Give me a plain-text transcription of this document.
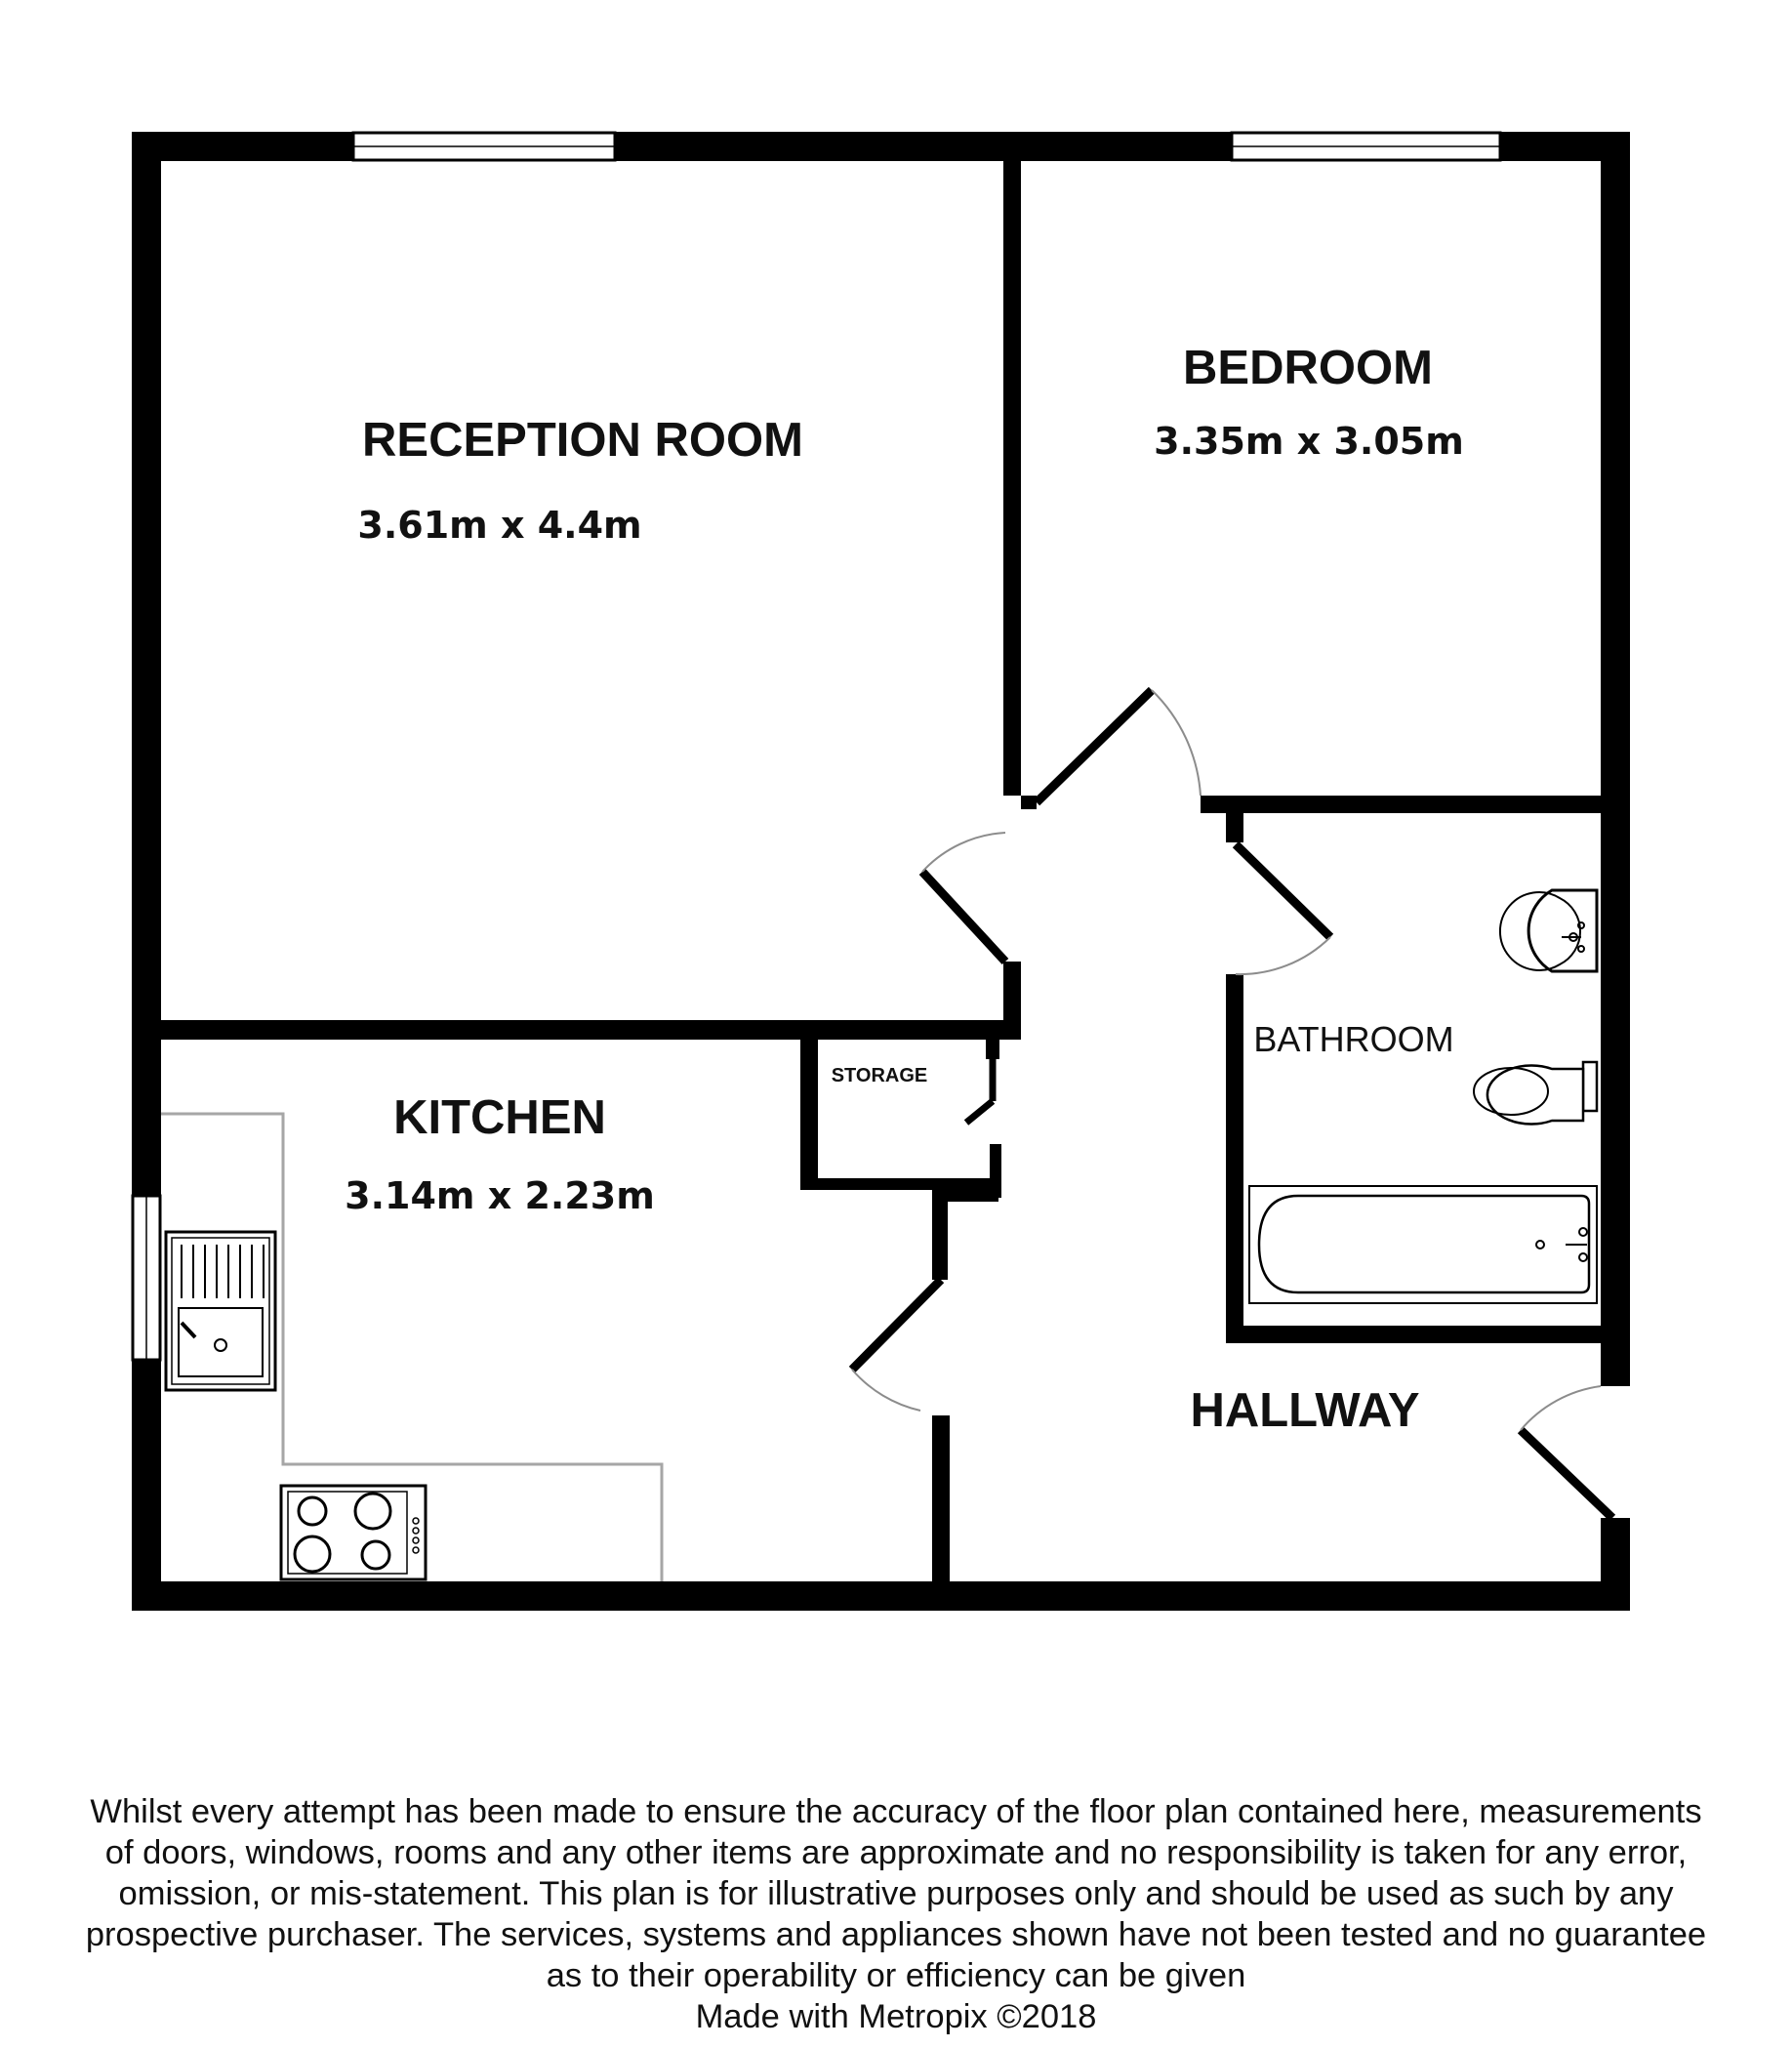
RECEPTION ROOM
3.61m x 4.4m
BEDROOM
3.35m x 3.05m
KITCHEN
3.14m x 2.23m
BATHROOM
STORAGE
HALLWAY
Whilst every attempt has been made to ensure the accuracy of the floor plan contained here, measurements
of doors, windows, rooms and any other items are approximate and no responsibility is taken for any error,
omission, or mis-statement. This plan is for illustrative purposes only and should be used as such by any
prospective purchaser. The services, systems and appliances shown have not been tested and no guarantee
as to their operability or efficiency can be given
Made with Metropix ©2018
